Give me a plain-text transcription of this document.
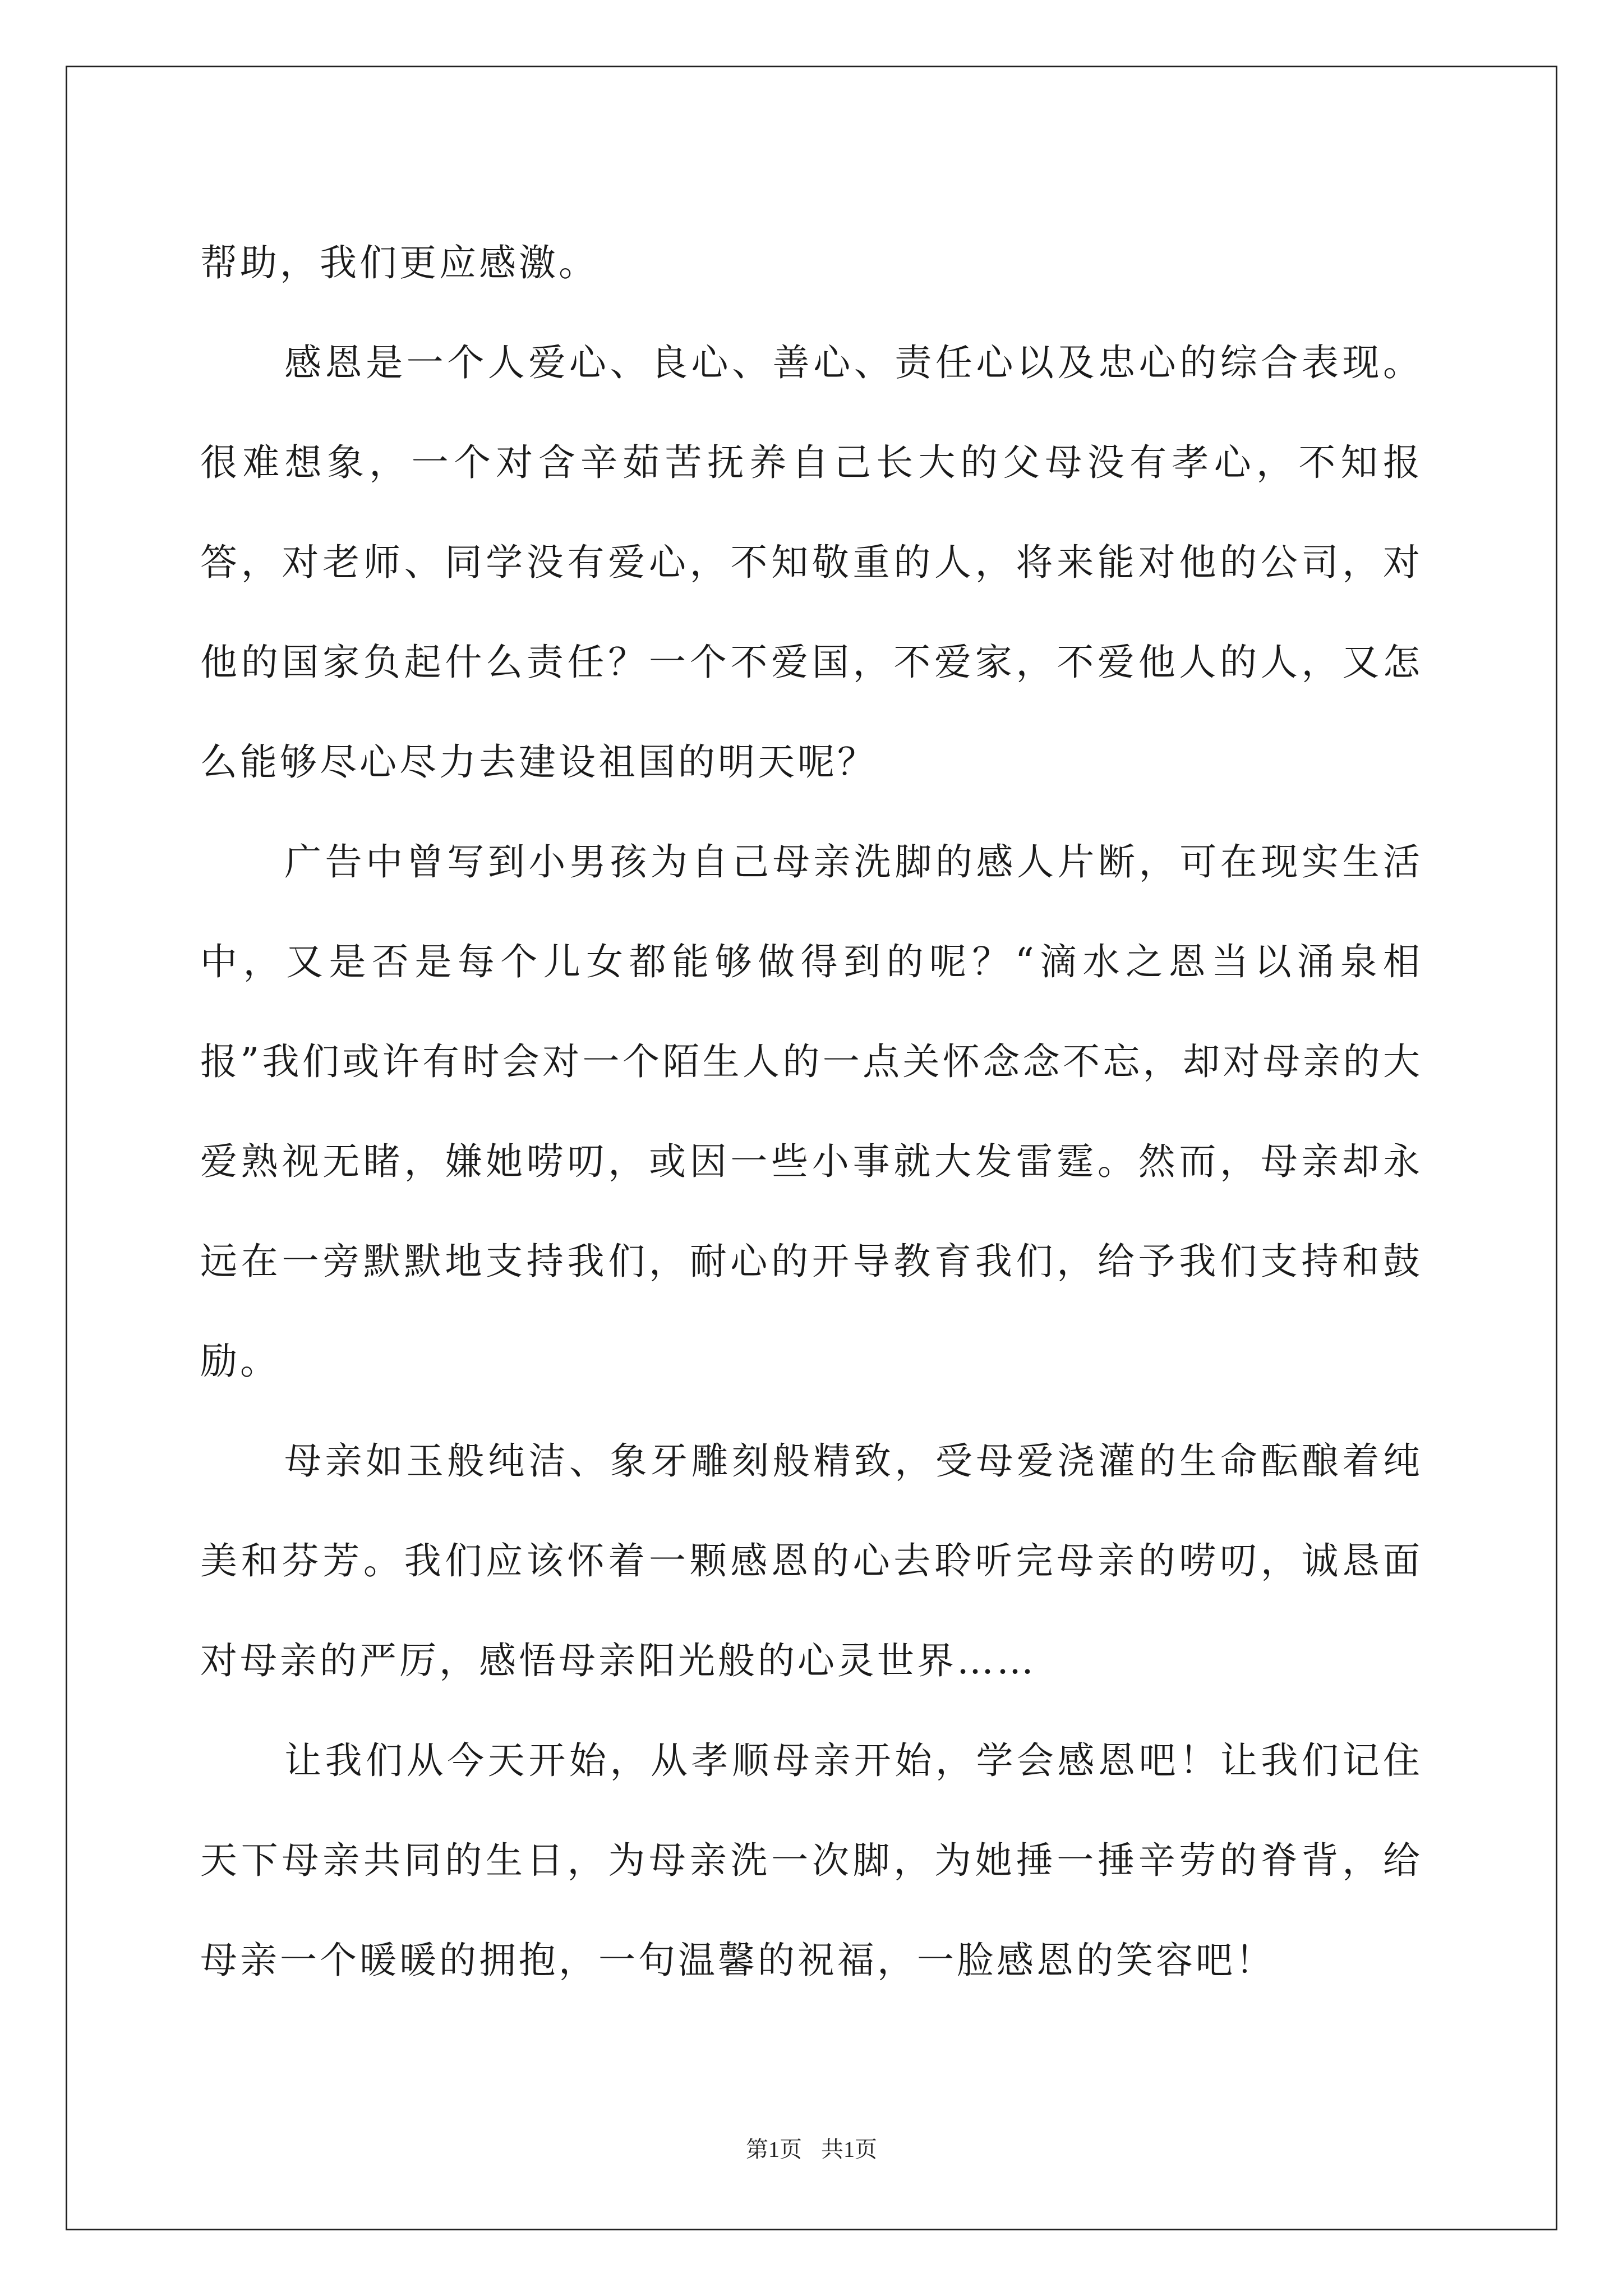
帮助，我们更应感激。

感恩是一个人爱心、良心、善心、责任心以及忠心的综合表现。很难想象，一个对含辛茹苦抚养自己长大的父母没有孝心，不知报答，对老师、同学没有爱心，不知敬重的人，将来能对他的公司，对他的国家负起什么责任？一个不爱国，不爱家，不爱他人的人，又怎么能够尽心尽力去建设祖国的明天呢？

广告中曾写到小男孩为自己母亲洗脚的感人片断，可在现实生活中，又是否是每个儿女都能够做得到的呢？“滴水之恩当以涌泉相报”我们或许有时会对一个陌生人的一点关怀念念不忘，却对母亲的大爱熟视无睹，嫌她唠叨，或因一些小事就大发雷霆。然而，母亲却永远在一旁默默地支持我们，耐心的开导教育我们，给予我们支持和鼓励。

母亲如玉般纯洁、象牙雕刻般精致，受母爱浇灌的生命酝酿着纯美和芬芳。我们应该怀着一颗感恩的心去聆听完母亲的唠叨，诚恳面对母亲的严厉，感悟母亲阳光般的心灵世界……

让我们从今天开始，从孝顺母亲开始，学会感恩吧！让我们记住天下母亲共同的生日，为母亲洗一次脚，为她捶一捶辛劳的脊背，给母亲一个暖暖的拥抱，一句温馨的祝福，一脸感恩的笑容吧！

第1页 共1页
